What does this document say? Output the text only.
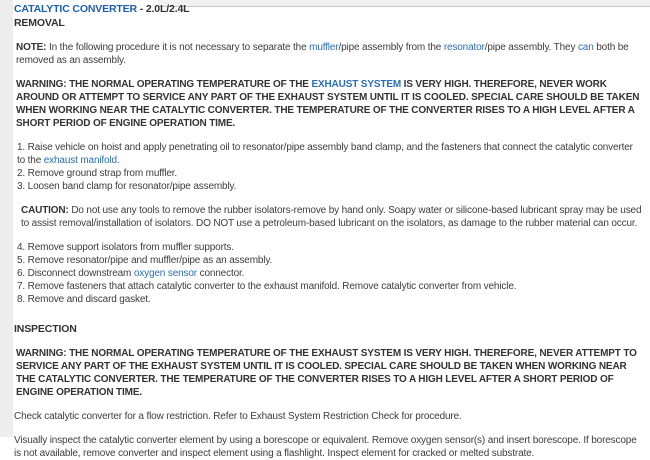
CATALYTIC CONVERTER - 2.0L/2.4L
REMOVAL
NOTE: In the following procedure it is not necessary to separate the muffler/pipe assembly from the resonator/pipe assembly. They can both be removed as an assembly.
WARNING: THE NORMAL OPERATING TEMPERATURE OF THE EXHAUST SYSTEM IS VERY HIGH. THEREFORE, NEVER WORK AROUND OR ATTEMPT TO SERVICE ANY PART OF THE EXHAUST SYSTEM UNTIL IT IS COOLED. SPECIAL CARE SHOULD BE TAKEN WHEN WORKING NEAR THE CATALYTIC CONVERTER. THE TEMPERATURE OF THE CONVERTER RISES TO A HIGH LEVEL AFTER A SHORT PERIOD OF ENGINE OPERATION TIME.
1. Raise vehicle on hoist and apply penetrating oil to resonator/pipe assembly band clamp, and the fasteners that connect the catalytic converter to the exhaust manifold.
2. Remove ground strap from muffler.
3. Loosen band clamp for resonator/pipe assembly.
CAUTION: Do not use any tools to remove the rubber isolators-remove by hand only. Soapy water or silicone-based lubricant spray may be used to assist removal/installation of isolators. DO NOT use a petroleum-based lubricant on the isolators, as damage to the rubber material can occur.
4. Remove support isolators from muffler supports.
5. Remove resonator/pipe and muffler/pipe as an assembly.
6. Disconnect downstream oxygen sensor connector.
7. Remove fasteners that attach catalytic converter to the exhaust manifold. Remove catalytic converter from vehicle.
8. Remove and discard gasket.
INSPECTION
WARNING: THE NORMAL OPERATING TEMPERATURE OF THE EXHAUST SYSTEM IS VERY HIGH. THEREFORE, NEVER ATTEMPT TO SERVICE ANY PART OF THE EXHAUST SYSTEM UNTIL IT IS COOLED. SPECIAL CARE SHOULD BE TAKEN WHEN WORKING NEAR THE CATALYTIC CONVERTER. THE TEMPERATURE OF THE CONVERTER RISES TO A HIGH LEVEL AFTER A SHORT PERIOD OF ENGINE OPERATION TIME.
Check catalytic converter for a flow restriction. Refer to Exhaust System Restriction Check for procedure.
Visually inspect the catalytic converter element by using a borescope or equivalent. Remove oxygen sensor(s) and insert borescope. If borescope is not available, remove converter and inspect element using a flashlight. Inspect element for cracked or melted substrate.
